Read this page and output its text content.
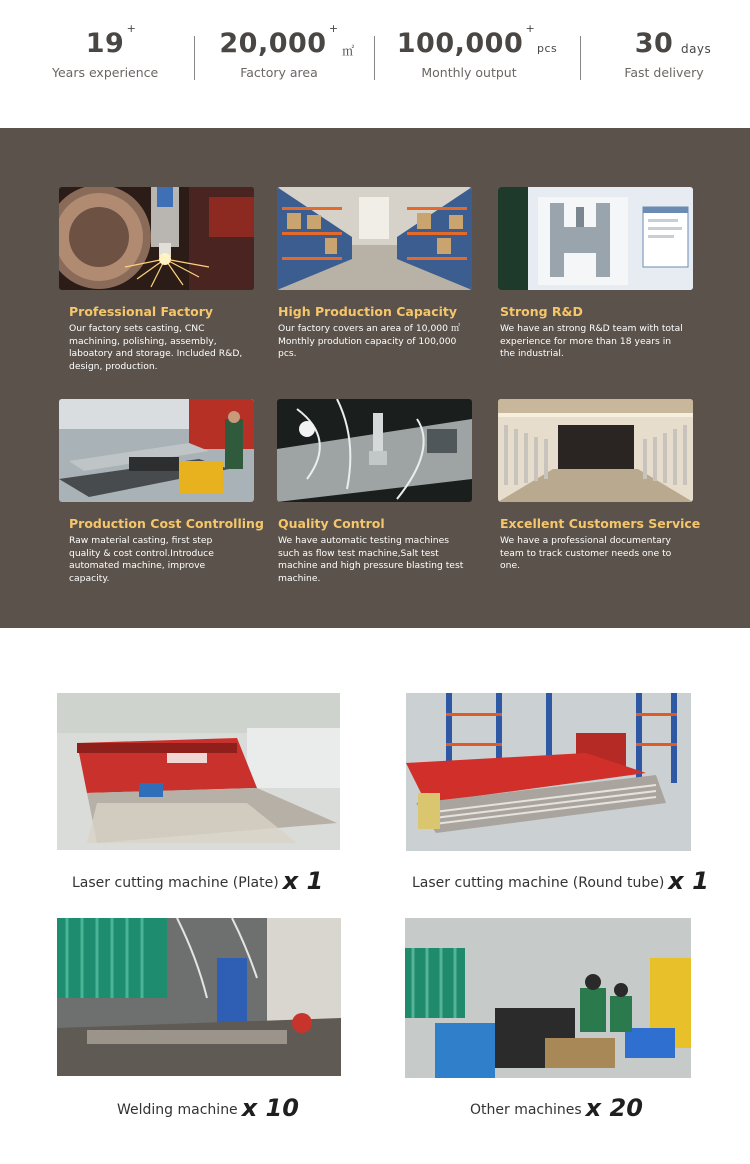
19 +
Years experience
20,000 +
㎡
Factory area
100,000 +
pcs
Monthly output
30 days
Fast delivery
Professional Factory

Our factory sets casting, CNC machining, polishing, assembly, laboatory and storage. Included R&D, design, production.

High Production Capacity

Our factory covers an area of 10,000 ㎡ Monthly prodution capacity of 100,000 pcs.

Strong R&D

We have an strong R&D team with total experience for more than 18 years in the industrial.

Production Cost Controlling

Raw material casting, first step quality & cost control.Introduce automated machine, improve capacity.

Quality Control

We have automatic testing machines such as flow test machine,Salt test machine and high pressure blasting test machine.

Excellent Customers Service

We have a professional documentary team to track customer needs one to one.

Laser cutting machine (Plate) x 1	Laser cutting machine (Round tube) x 1
Welding machine x 10	Other machines x 20
